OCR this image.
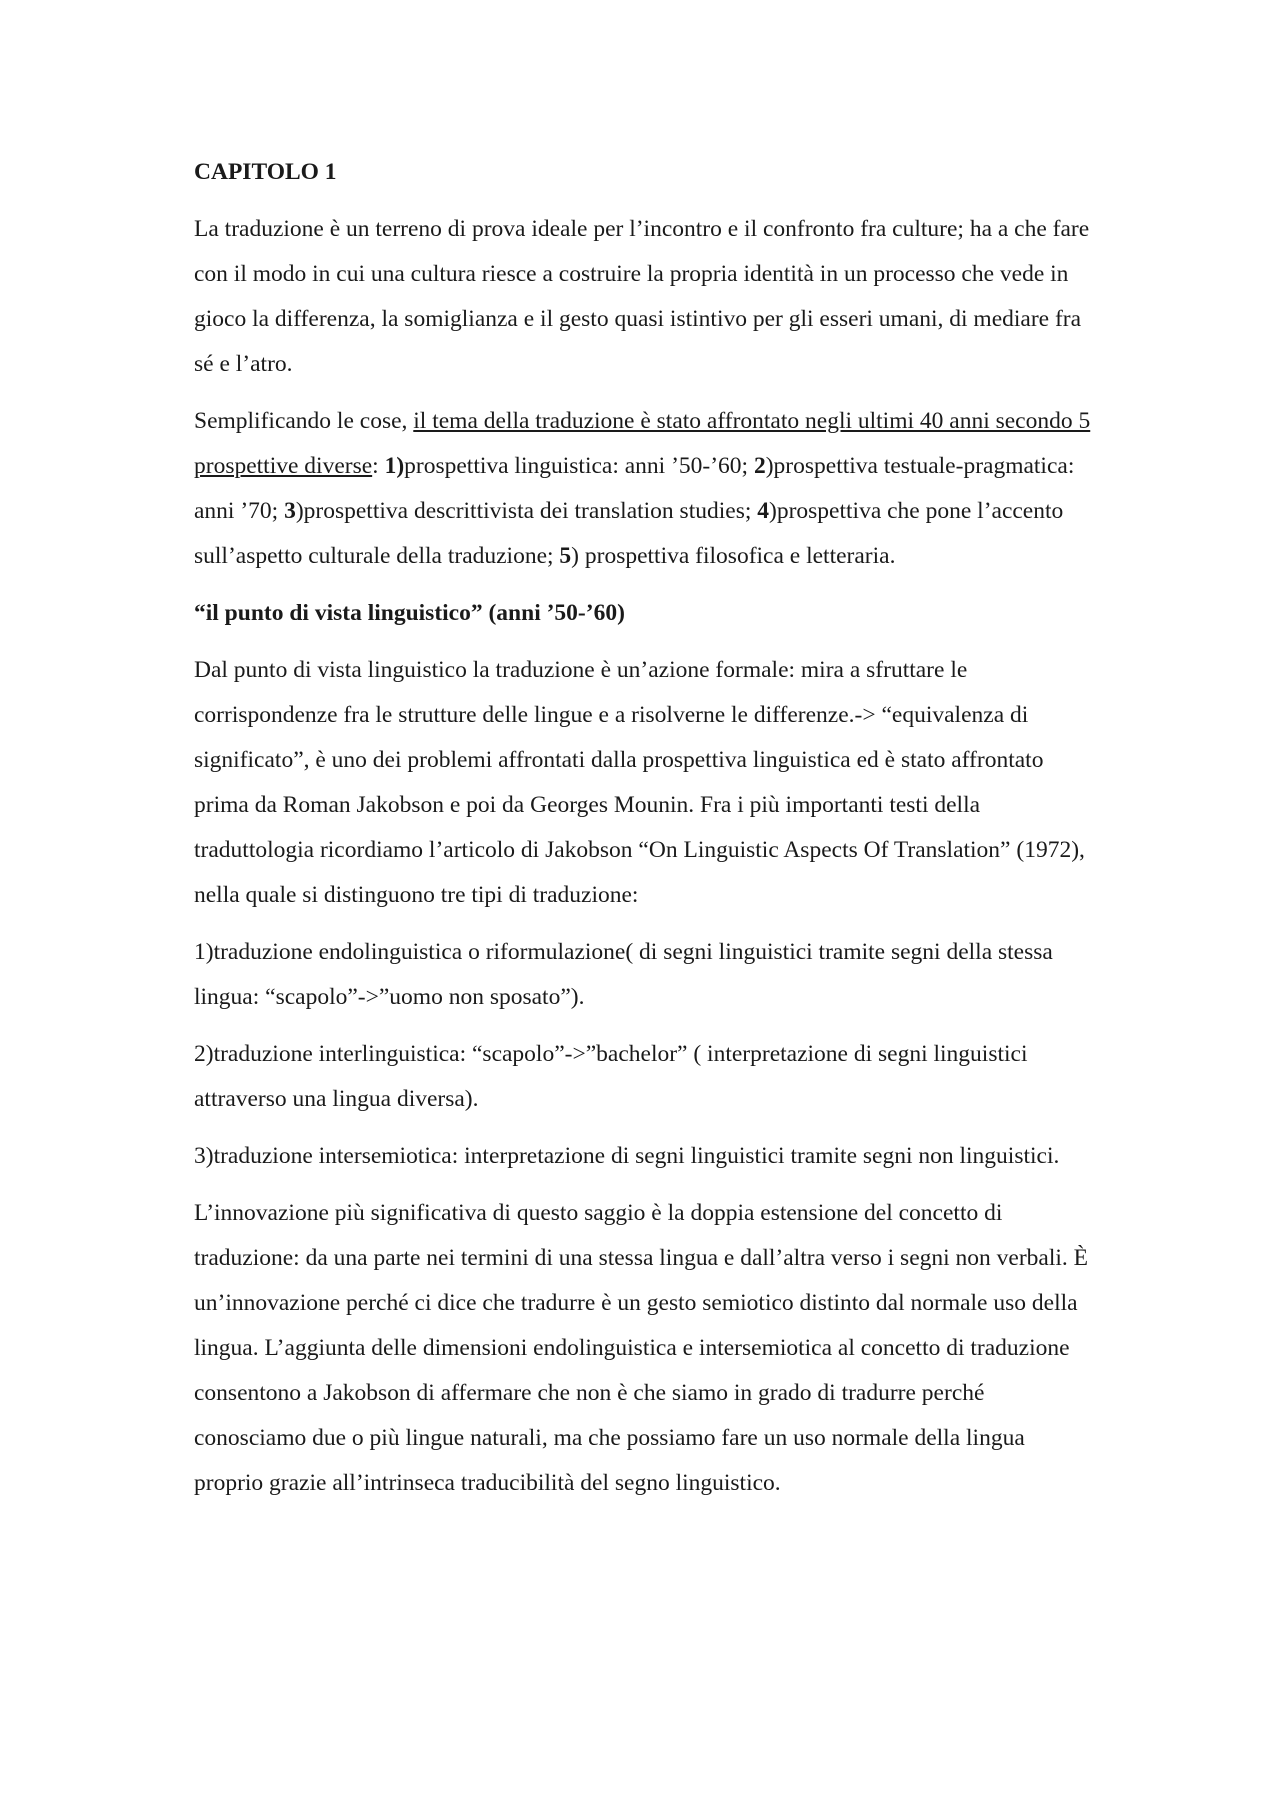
CAPITOLO 1

La traduzione è un terreno di prova ideale per l’incontro e il confronto fra culture; ha a che fare con il modo in cui una cultura riesce a costruire la propria identità in un processo che vede in gioco la differenza, la somiglianza e il gesto quasi istintivo per gli esseri umani, di mediare fra sé e l’atro.

Semplificando le cose, il tema della traduzione è stato affrontato negli ultimi 40 anni secondo 5 prospettive diverse: 1)prospettiva linguistica: anni ’50-’60; 2)prospettiva testuale-pragmatica: anni ’70; 3)prospettiva descrittivista dei translation studies; 4)prospettiva che pone l’accento sull’aspetto culturale della traduzione; 5) prospettiva filosofica e letteraria.

“il punto di vista linguistico” (anni ’50-’60)

Dal punto di vista linguistico la traduzione è un’azione formale: mira a sfruttare le corrispondenze fra le strutture delle lingue e a risolverne le differenze.-> “equivalenza di significato”, è uno dei problemi affrontati dalla prospettiva linguistica ed è stato affrontato prima da Roman Jakobson e poi da Georges Mounin. Fra i più importanti testi della traduttologia ricordiamo l’articolo di Jakobson “On Linguistic Aspects Of Translation” (1972), nella quale si distinguono tre tipi di traduzione:

1)traduzione endolinguistica o riformulazione( di segni linguistici tramite segni della stessa lingua: “scapolo”->”uomo non sposato”).

2)traduzione interlinguistica: “scapolo”->”bachelor” ( interpretazione di segni linguistici attraverso una lingua diversa).

3)traduzione intersemiotica: interpretazione di segni linguistici tramite segni non linguistici.

L’innovazione più significativa di questo saggio è la doppia estensione del concetto di traduzione: da una parte nei termini di una stessa lingua e dall’altra verso i segni non verbali. È un’innovazione perché ci dice che tradurre è un gesto semiotico distinto dal normale uso della lingua. L’aggiunta delle dimensioni endolinguistica e intersemiotica al concetto di traduzione consentono a Jakobson di affermare che non è che siamo in grado di tradurre perché conosciamo due o più lingue naturali, ma che possiamo fare un uso normale della lingua proprio grazie all’intrinseca traducibilità del segno linguistico.
